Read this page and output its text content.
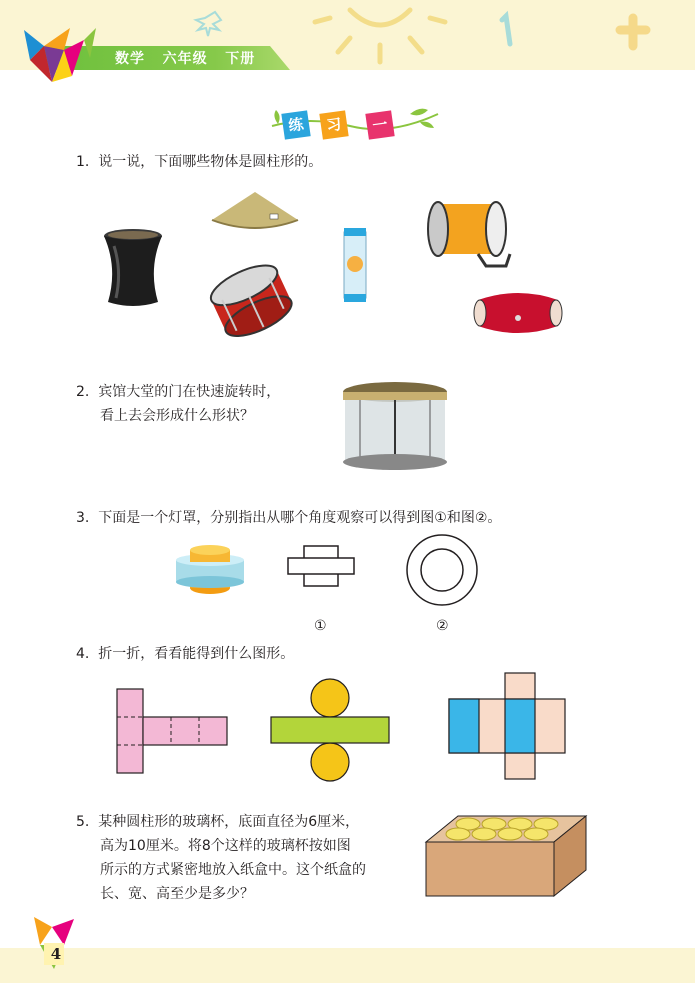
数学 六年级 下册
练	习	一
1. 说一说，下面哪些物体是圆柱形的。
2. 宾馆大堂的门在快速旋转时，
看上去会形成什么形状？
3. 下面是一个灯罩，分别指出从哪个角度观察可以得到图①和图②。
①	②
4. 折一折，看看能得到什么图形。
5. 某种圆柱形的玻璃杯，底面直径为6厘米，
高为10厘米。将8个这样的玻璃杯按如图
所示的方式紧密地放入纸盒中。这个纸盒的
长、宽、高至少是多少？
4
